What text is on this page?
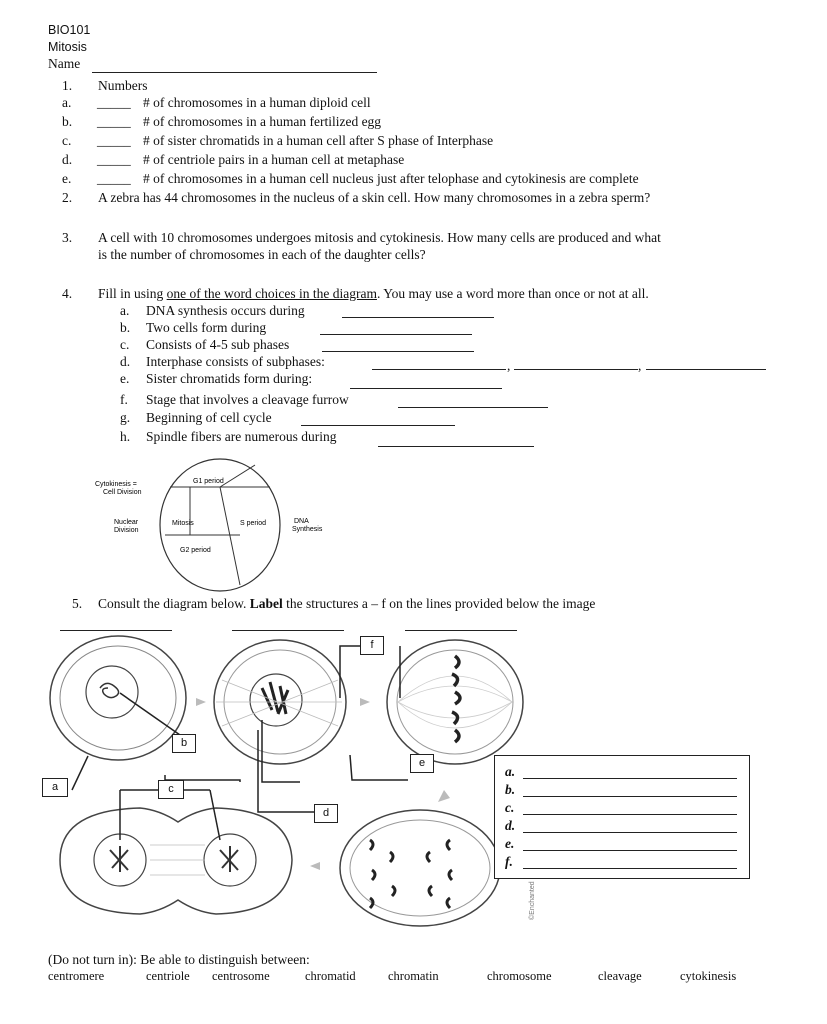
BIO101
Mitosis
Name
1. Numbers
a. _____ # of chromosomes in a human diploid cell
b. _____ # of chromosomes in a human fertilized egg
c. _____ # of sister chromatids in a human cell after S phase of Interphase
d. _____ # of centriole pairs in a human cell at metaphase
e. _____ # of chromosomes in a human cell nucleus just after telophase and cytokinesis are complete
2. A zebra has 44 chromosomes in the nucleus of a skin cell. How many chromosomes in a zebra sperm?
3. A cell with 10 chromosomes undergoes mitosis and cytokinesis. How many cells are produced and what
is the number of chromosomes in each of the daughter cells?
4. Fill in using one of the word choices in the diagram. You may use a word more than once or not at all.
a. DNA synthesis occurs during
b. Two cells form during
c. Consists of 4-5 sub phases
d. Interphase consists of subphases:	,	,
e. Sister chromatids form during:
f. Stage that involves a cleavage furrow
g. Beginning of cell cycle
h. Spindle fibers are numerous during
Cytokinesis =
Cell Division
Nuclear
Division
Mitosis
G1 period
S period
G2 period
DNA
Synthesis
5. Consult the diagram below. Label the structures a – f on the lines provided below the image
©Enchanted
f
b
e
a	c
d
a.
b.
c.
d.
e.
f.
(Do not turn in): Be able to distinguish between:
centromere	centriole centrosome	chromatid	chromatin	chromosome	cleavage	cytokinesis
